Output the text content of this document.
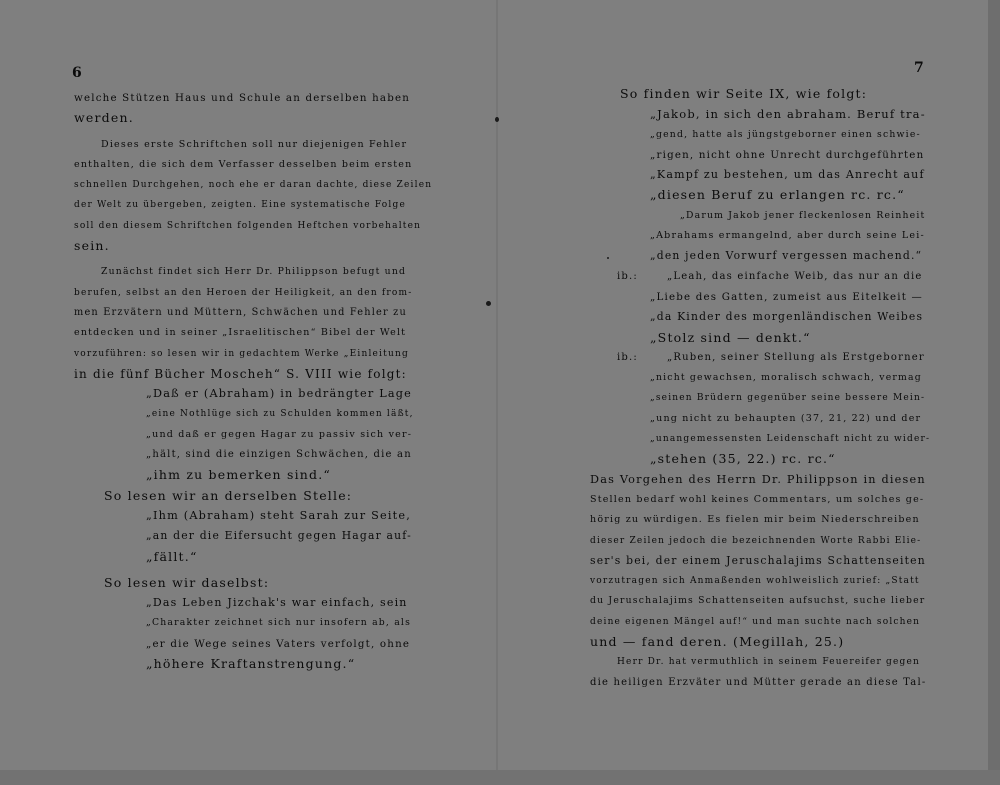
6	7

welche Stützen Haus und Schule an derselben haben

werden.

Dieses erste Schriftchen soll nur diejenigen Fehler

enthalten, die sich dem Verfasser desselben beim ersten

schnellen Durchgehen, noch ehe er daran dachte, diese Zeilen

der Welt zu übergeben, zeigten. Eine systematische Folge

soll den diesem Schriftchen folgenden Heftchen vorbehalten

sein.

Zunächst findet sich Herr Dr. Philippson befugt und

berufen, selbst an den Heroen der Heiligkeit, an den from-

men Erzvätern und Müttern, Schwächen und Fehler zu

entdecken und in seiner „Israelitischen“ Bibel der Welt

vorzuführen: so lesen wir in gedachtem Werke „Einleitung

in die fünf Bücher Moscheh“ S. VIII wie folgt:

„Daß er (Abraham) in bedrängter Lage

„eine Nothlüge sich zu Schulden kommen läßt,

„und daß er gegen Hagar zu passiv sich ver-

„hält, sind die einzigen Schwächen, die an

„ihm zu bemerken sind.“

So lesen wir an derselben Stelle:

„Ihm (Abraham) steht Sarah zur Seite,

„an der die Eifersucht gegen Hagar auf-

„fällt.“

So lesen wir daselbst:

„Das Leben Jizchak's war einfach, sein

„Charakter zeichnet sich nur insofern ab, als

„er die Wege seines Vaters verfolgt, ohne

„höhere Kraftanstrengung.“

So finden wir Seite IX, wie folgt:

„Jakob, in sich den abraham. Beruf tra-

„gend, hatte als jüngstgeborner einen schwie-

„rigen, nicht ohne Unrecht durchgeführten

„Kampf zu bestehen, um das Anrecht auf

„diesen Beruf zu erlangen rc. rc.“

„Darum Jakob jener fleckenlosen Reinheit

„Abrahams ermangelnd, aber durch seine Lei-

„den jeden Vorwurf vergessen machend.“

ib.:	„Leah, das einfache Weib, das nur an die

„Liebe des Gatten, zumeist aus Eitelkeit —

„da Kinder des morgenländischen Weibes

„Stolz sind — denkt.“

ib.:	„Ruben, seiner Stellung als Erstgeborner

„nicht gewachsen, moralisch schwach, vermag

„seinen Brüdern gegenüber seine bessere Mein-

„ung nicht zu behaupten (37, 21, 22) und der

„unangemessensten Leidenschaft nicht zu wider-

„stehen (35, 22.) rc. rc.“

Das Vorgehen des Herrn Dr. Philippson in diesen

Stellen bedarf wohl keines Commentars, um solches ge-

hörig zu würdigen. Es fielen mir beim Niederschreiben

dieser Zeilen jedoch die bezeichnenden Worte Rabbi Elie-

ser's bei, der einem Jeruschalajims Schattenseiten

vorzutragen sich Anmaßenden wohlweislich zurief: „Statt

du Jeruschalajims Schattenseiten aufsuchst, suche lieber

deine eigenen Mängel auf!“ und man suchte nach solchen

und — fand deren. (Megillah, 25.)

Herr Dr. hat vermuthlich in seinem Feuereifer gegen

die heiligen Erzväter und Mütter gerade an diese Tal-
